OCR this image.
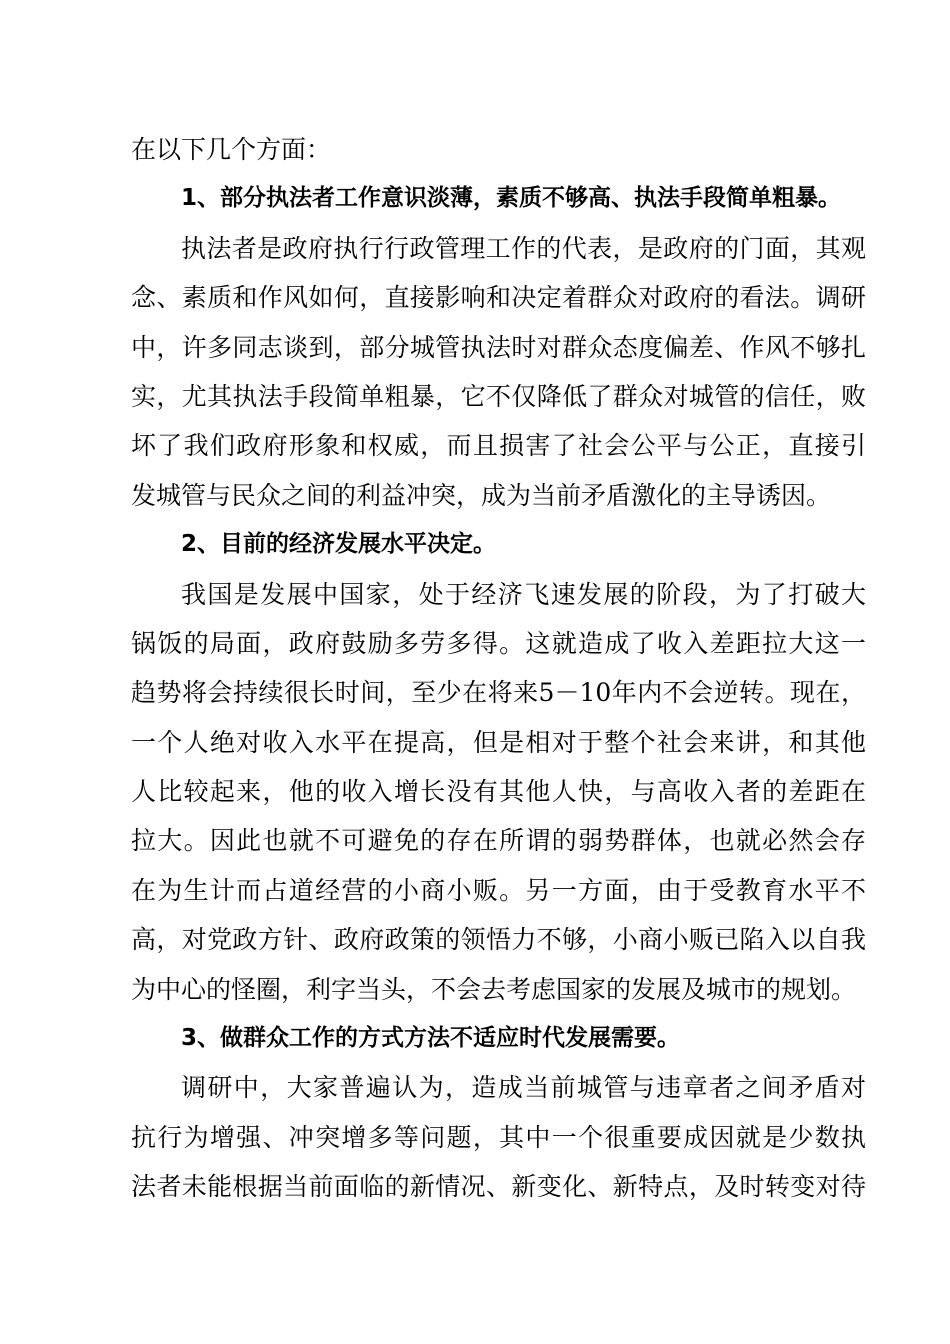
在以下几个方面：
1、部分执法者工作意识淡薄，素质不够高、执法手段简单粗暴。
执法者是政府执行行政管理工作的代表，是政府的门面，其观
念、素质和作风如何，直接影响和决定着群众对政府的看法。调研
中，许多同志谈到，部分城管执法时对群众态度偏差、作风不够扎
实，尤其执法手段简单粗暴，它不仅降低了群众对城管的信任，败
坏了我们政府形象和权威，而且损害了社会公平与公正，直接引
发城管与民众之间的利益冲突，成为当前矛盾激化的主导诱因。
2、目前的经济发展水平决定。
我国是发展中国家，处于经济飞速发展的阶段，为了打破大
锅饭的局面，政府鼓励多劳多得。这就造成了收入差距拉大这一
趋势将会持续很长时间，至少在将来5－10年内不会逆转。现在，
一个人绝对收入水平在提高，但是相对于整个社会来讲，和其他
人比较起来，他的收入增长没有其他人快，与高收入者的差距在
拉大。因此也就不可避免的存在所谓的弱势群体，也就必然会存
在为生计而占道经营的小商小贩。另一方面，由于受教育水平不
高，对党政方针、政府政策的领悟力不够，小商小贩已陷入以自我
为中心的怪圈，利字当头，不会去考虑国家的发展及城市的规划。
3、做群众工作的方式方法不适应时代发展需要。
调研中，大家普遍认为，造成当前城管与违章者之间矛盾对
抗行为增强、冲突增多等问题，其中一个很重要成因就是少数执
法者未能根据当前面临的新情况、新变化、新特点，及时转变对待
